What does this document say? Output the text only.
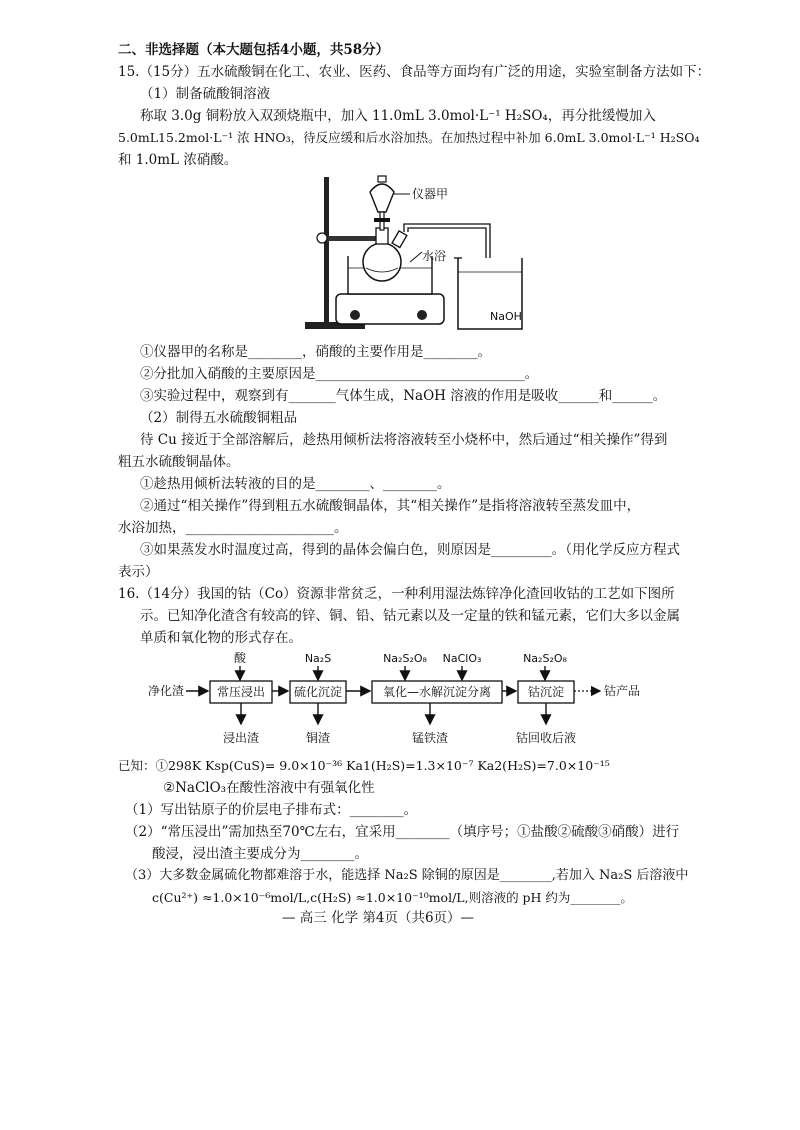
二、非选择题（本大题包括4小题，共58分）
15.（15分）五水硫酸铜在化工、农业、医药、食品等方面均有广泛的用途，实验室制备方法如下：
（1）制备硫酸铜溶液
称取 3.0g 铜粉放入双颈烧瓶中，加入 11.0mL 3.0mol·L⁻¹ H₂SO₄，再分批缓慢加入
5.0mL15.2mol·L⁻¹ 浓 HNO₃，待反应缓和后水浴加热。在加热过程中补加 6.0mL 3.0mol·L⁻¹ H₂SO₄
和 1.0mL 浓硝酸。
仪器甲
水浴
NaOH
①仪器甲的名称是________，硝酸的主要作用是________。
②分批加入硝酸的主要原因是_______________________________。
③实验过程中，观察到有_______气体生成，NaOH 溶液的作用是吸收______和______。
（2）制得五水硫酸铜粗品
待 Cu 接近于全部溶解后，趁热用倾析法将溶液转至小烧杯中，然后通过“相关操作”得到
粗五水硫酸铜晶体。
①趁热用倾析法转液的目的是________、________。
②通过“相关操作”得到粗五水硫酸铜晶体，其“相关操作”是指将溶液转至蒸发皿中，
水浴加热，______________________。
③如果蒸发水时温度过高，得到的晶体会偏白色，则原因是_________。（用化学反应方程式
表示）
16.（14分）我国的钴（Co）资源非常贫乏，一种利用湿法炼锌净化渣回收钴的工艺如下图所
示。已知净化渣含有较高的锌、铜、铅、钴元素以及一定量的铁和锰元素，它们大多以金属
单质和氧化物的形式存在。
酸	Na₂S	Na₂S₂O₈ NaClO₃	Na₂S₂O₈
净化渣	常压浸出 硫化沉淀	氧化—水解沉淀分离	钴沉淀	钴产品
浸出渣	铜渣	锰铁渣	钴回收后液
已知：①298K Ksp(CuS)= 9.0×10⁻³⁶ Ka1(H₂S)=1.3×10⁻⁷ Ka2(H₂S)=7.0×10⁻¹⁵
②NaClO₃在酸性溶液中有强氧化性
（1）写出钴原子的价层电子排布式：________。
（2）“常压浸出”需加热至70℃左右，宜采用________（填序号；①盐酸②硫酸③硝酸）进行
酸浸，浸出渣主要成分为________。
（3）大多数金属硫化物都难溶于水，能选择 Na₂S 除铜的原因是________,若加入 Na₂S 后溶液中
c(Cu²⁺) ≈1.0×10⁻⁶mol/L,c(H₂S) ≈1.0×10⁻¹⁰mol/L,则溶液的 pH 约为________。
— 高三 化学 第4页（共6页）—
